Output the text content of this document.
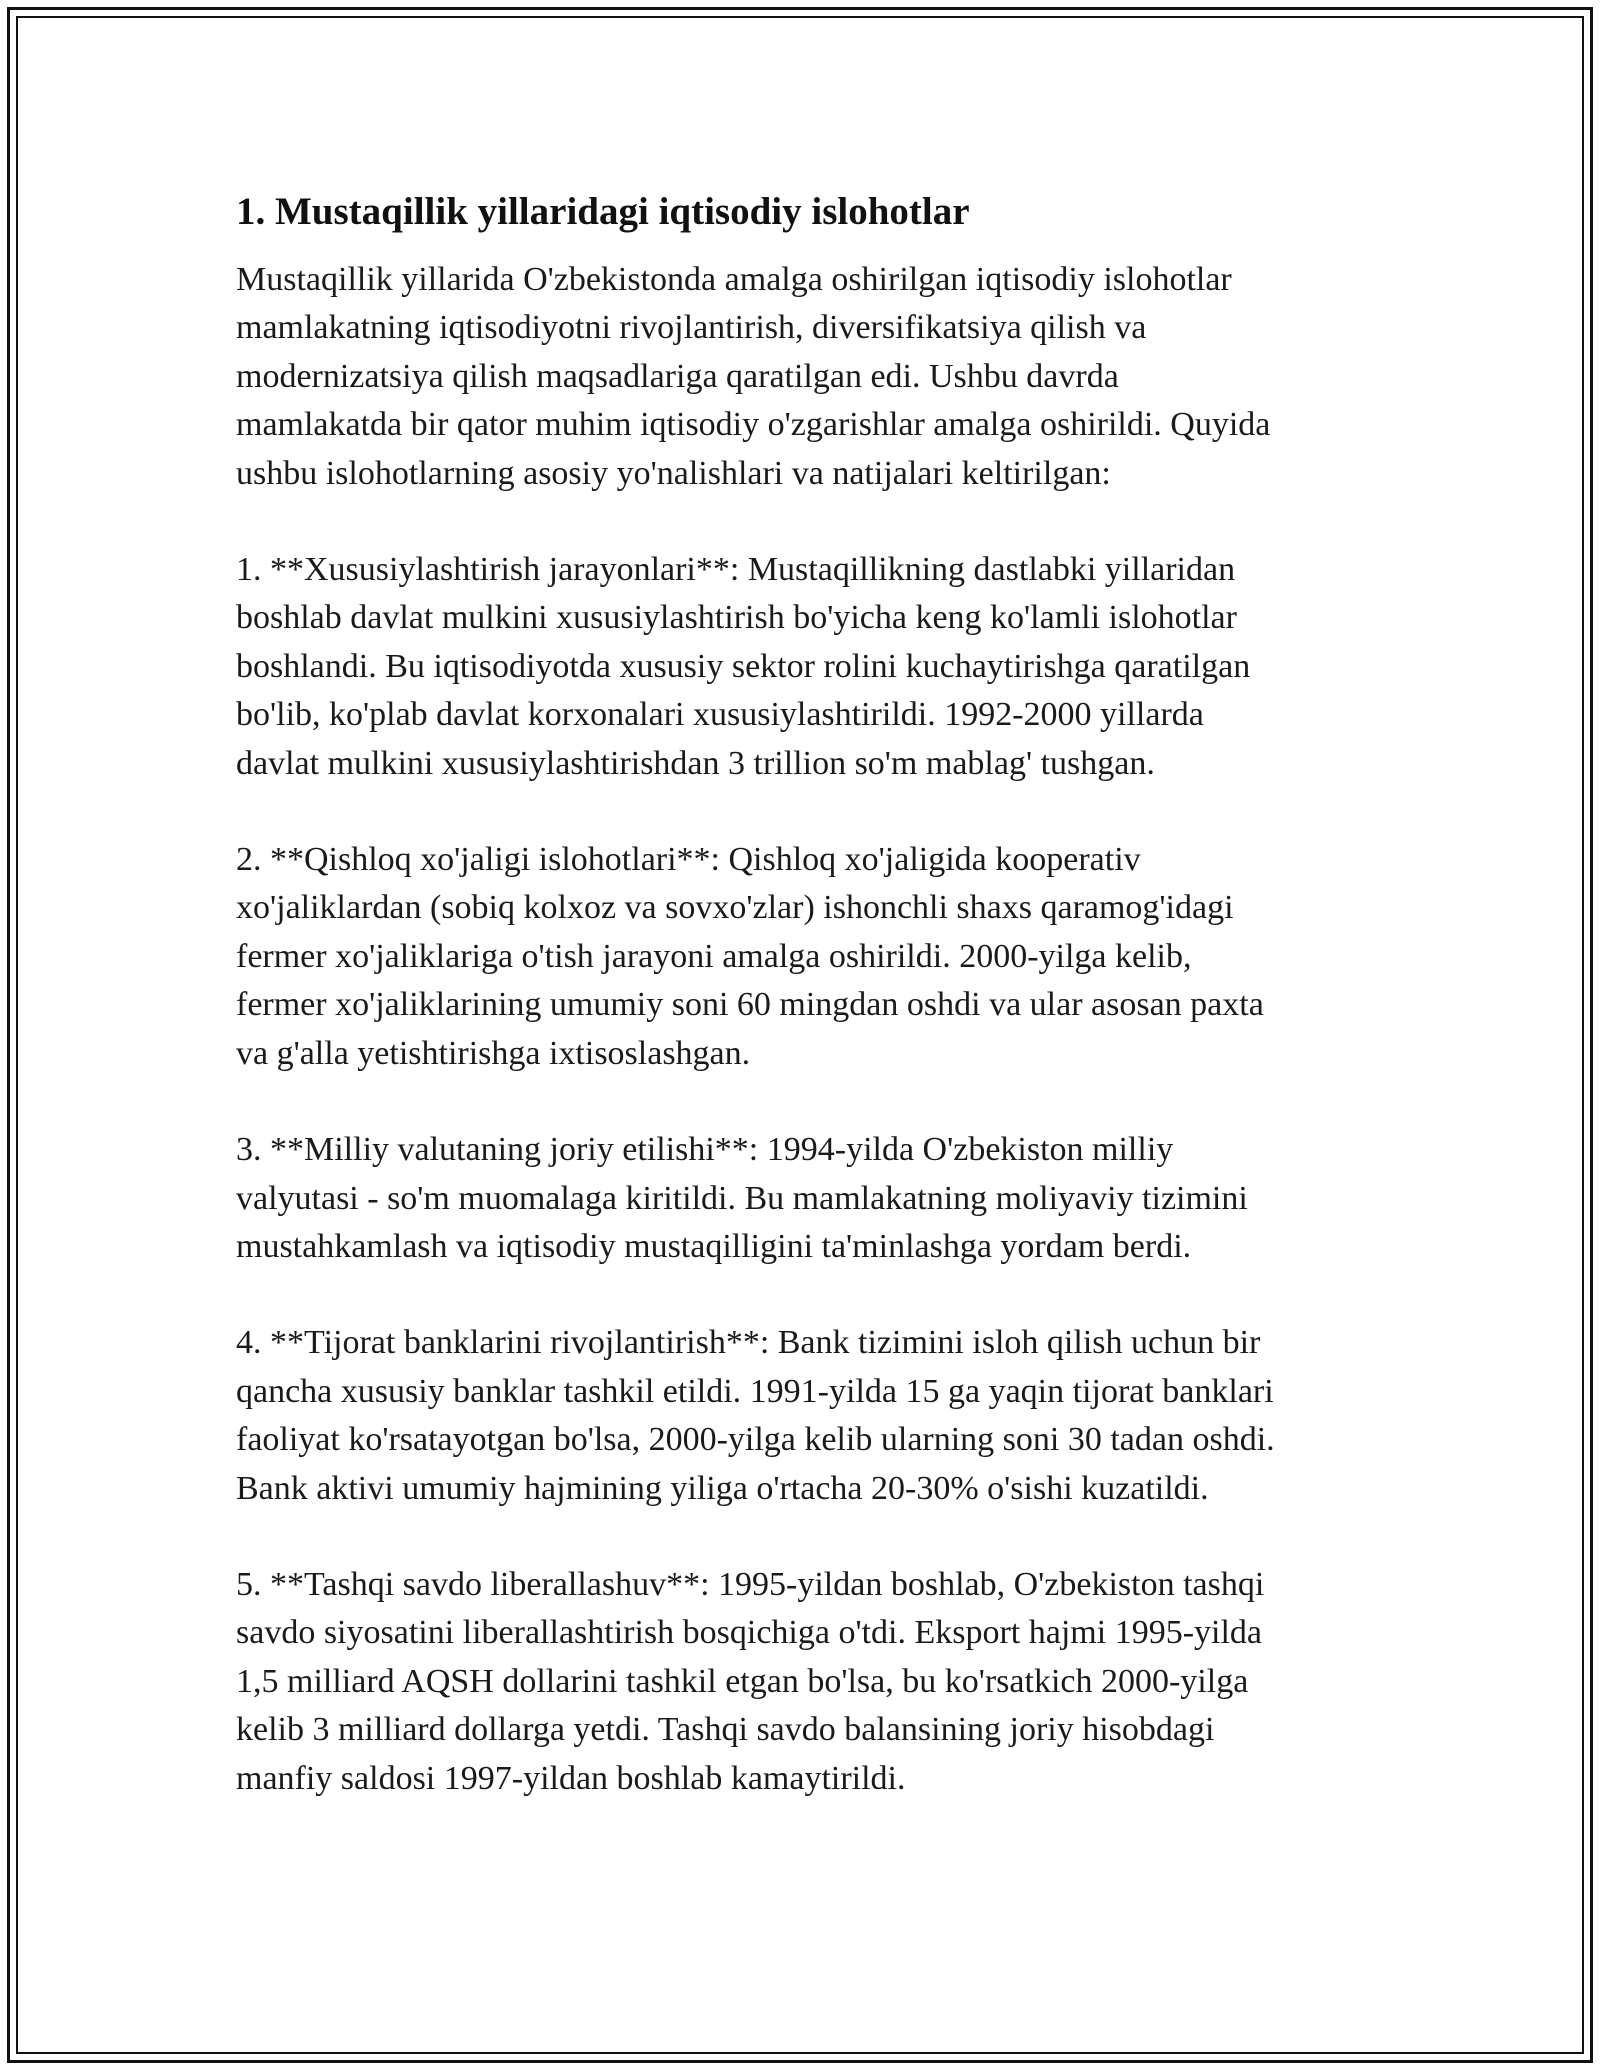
1. Mustaqillik yillaridagi iqtisodiy islohotlar

Mustaqillik yillarida O'zbekistonda amalga oshirilgan iqtisodiy islohotlar
mamlakatning iqtisodiyotni rivojlantirish, diversifikatsiya qilish va
modernizatsiya qilish maqsadlariga qaratilgan edi. Ushbu davrda
mamlakatda bir qator muhim iqtisodiy o'zgarishlar amalga oshirildi. Quyida
ushbu islohotlarning asosiy yo'nalishlari va natijalari keltirilgan:

1. **Xususiylashtirish jarayonlari**: Mustaqillikning dastlabki yillaridan
boshlab davlat mulkini xususiylashtirish bo'yicha keng ko'lamli islohotlar
boshlandi. Bu iqtisodiyotda xususiy sektor rolini kuchaytirishga qaratilgan
bo'lib, ko'plab davlat korxonalari xususiylashtirildi. 1992-2000 yillarda
davlat mulkini xususiylashtirishdan 3 trillion so'm mablag' tushgan.

2. **Qishloq xo'jaligi islohotlari**: Qishloq xo'jaligida kooperativ
xo'jaliklardan (sobiq kolxoz va sovxo'zlar) ishonchli shaxs qaramog'idagi
fermer xo'jaliklariga o'tish jarayoni amalga oshirildi. 2000-yilga kelib,
fermer xo'jaliklarining umumiy soni 60 mingdan oshdi va ular asosan paxta
va g'alla yetishtirishga ixtisoslashgan.

3. **Milliy valutaning joriy etilishi**: 1994-yilda O'zbekiston milliy
valyutasi - so'm muomalaga kiritildi. Bu mamlakatning moliyaviy tizimini
mustahkamlash va iqtisodiy mustaqilligini ta'minlashga yordam berdi.

4. **Tijorat banklarini rivojlantirish**: Bank tizimini isloh qilish uchun bir
qancha xususiy banklar tashkil etildi. 1991-yilda 15 ga yaqin tijorat banklari
faoliyat ko'rsatayotgan bo'lsa, 2000-yilga kelib ularning soni 30 tadan oshdi.
Bank aktivi umumiy hajmining yiliga o'rtacha 20-30% o'sishi kuzatildi.

5. **Tashqi savdo liberallashuv**: 1995-yildan boshlab, O'zbekiston tashqi
savdo siyosatini liberallashtirish bosqichiga o'tdi. Eksport hajmi 1995-yilda
1,5 milliard AQSH dollarini tashkil etgan bo'lsa, bu ko'rsatkich 2000-yilga
kelib 3 milliard dollarga yetdi. Tashqi savdo balansining joriy hisobdagi
manfiy saldosi 1997-yildan boshlab kamaytirildi.
